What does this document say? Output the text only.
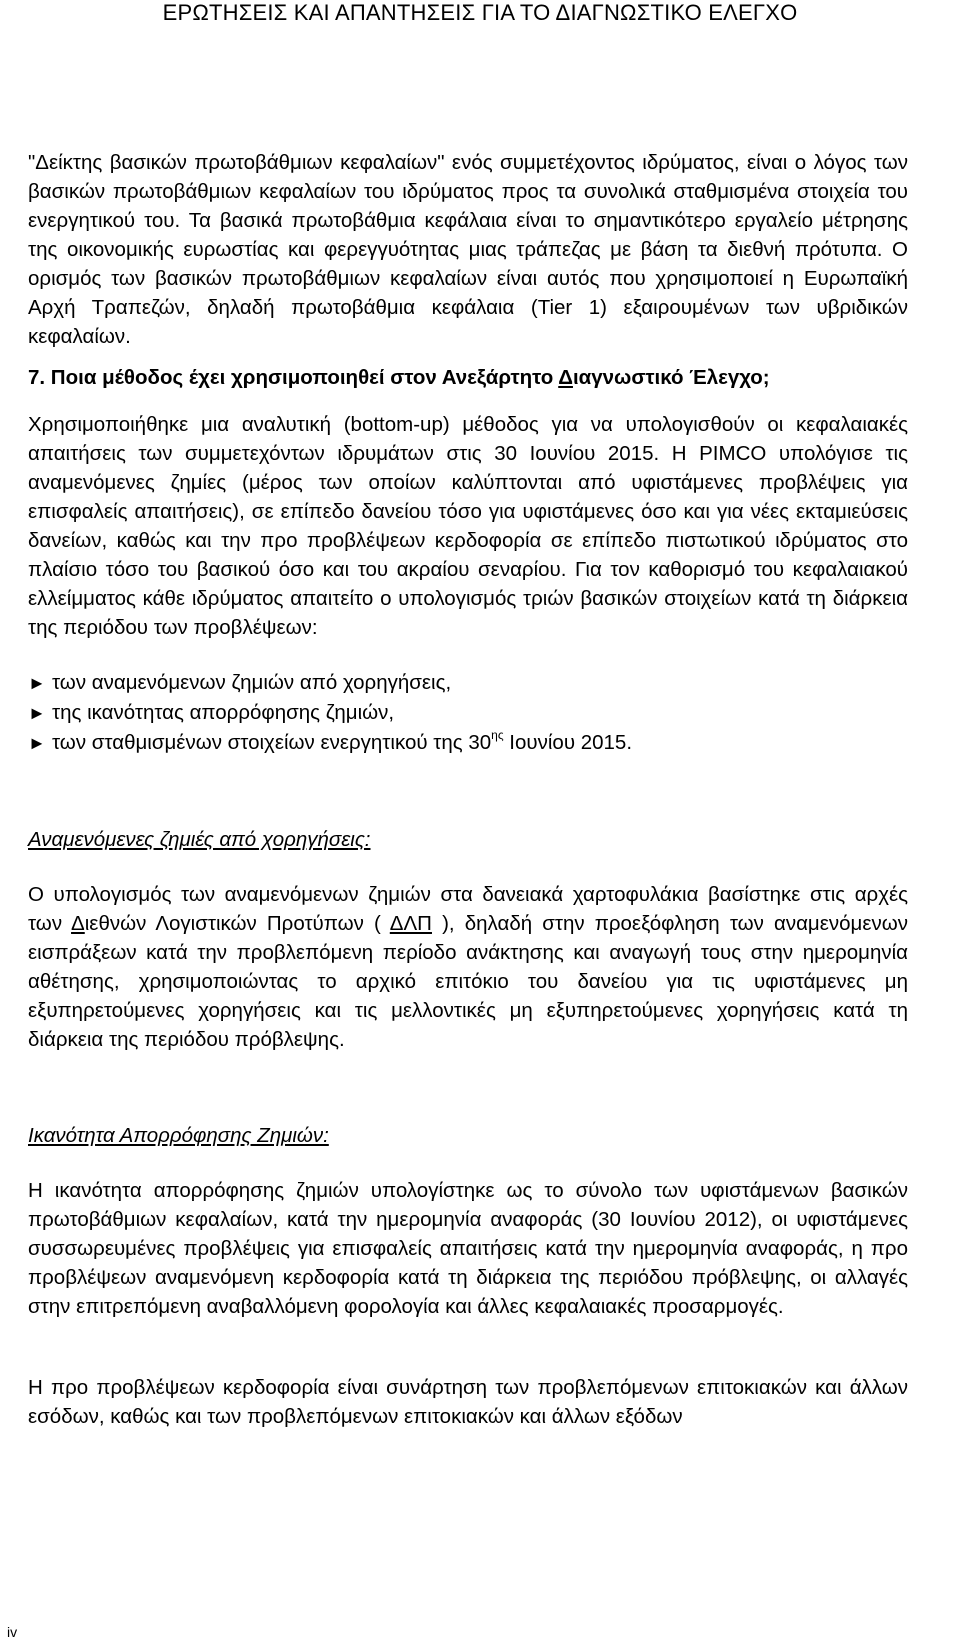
ΕΡΩΤΗΣΕΙΣ ΚΑΙ ΑΠΑΝΤΗΣΕΙΣ ΓΙΑ ΤΟ ΔΙΑΓΝΩΣΤΙΚΟ ΕΛΕΓΧΟ

"Δείκτης βασικών πρωτοβάθμιων κεφαλαίων" ενός συμμετέχοντος ιδρύματος, είναι ο λόγος των βασικών πρωτοβάθμιων κεφαλαίων του ιδρύματος προς τα συνολικά σταθμισμένα στοιχεία του ενεργητικού του. Τα βασικά πρωτοβάθμια κεφάλαια είναι το σημαντικότερο εργαλείο μέτρησης της οικονομικής ευρωστίας και φερεγγυότητας μιας τράπεζας με βάση τα διεθνή πρότυπα. Ο ορισμός των βασικών πρωτοβάθμιων κεφαλαίων είναι αυτός που χρησιμοποιεί η Ευρωπαϊκή Αρχή Τραπεζών, δηλαδή πρωτοβάθμια κεφάλαια (Tier 1) εξαιρουμένων των υβριδικών κεφαλαίων.

7. Ποια μέθοδος έχει χρησιμοποιηθεί στον Ανεξάρτητο Διαγνωστικό Έλεγχο;

Χρησιμοποιήθηκε μια αναλυτική (bottom-up) μέθοδος για να υπολογισθούν οι κεφαλαιακές απαιτήσεις των συμμετεχόντων ιδρυμάτων στις 30 Ιουνίου 2015. Η PIMCO υπολόγισε τις αναμενόμενες ζημίες (μέρος των οποίων καλύπτονται από υφιστάμενες προβλέψεις για επισφαλείς απαιτήσεις), σε επίπεδο δανείου τόσο για υφιστάμενες όσο και για νέες εκταμιεύσεις δανείων, καθώς και την προ προβλέψεων κερδοφορία σε επίπεδο πιστωτικού ιδρύματος στο πλαίσιο τόσο του βασικού όσο και του ακραίου σεναρίου. Για τον καθορισμό του κεφαλαιακού ελλείμματος κάθε ιδρύματος απαιτείτο ο υπολογισμός τριών βασικών στοιχείων κατά τη διάρκεια της περιόδου των προβλέψεων:

► των αναμενόμενων ζημιών από χορηγήσεις,
► της ικανότητας απορρόφησης ζημιών,
► των σταθμισμένων στοιχείων ενεργητικού της $30^{\eta\varsigma}$ Ιουνίου 2015.

Αναμενόμενες ζημιές από χορηγήσεις:

Ο υπολογισμός των αναμενόμενων ζημιών στα δανειακά χαρτοφυλάκια βασίστηκε στις αρχές των Διεθνών Λογιστικών Προτύπων ( ΔΛΠ ), δηλαδή στην προεξόφληση των αναμενόμενων εισπράξεων κατά την προβλεπόμενη περίοδο ανάκτησης και αναγωγή τους στην ημερομηνία αθέτησης, χρησιμοποιώντας το αρχικό επιτόκιο του δανείου για τις υφιστάμενες μη εξυπηρετούμενες χορηγήσεις και τις μελλοντικές μη εξυπηρετούμενες χορηγήσεις κατά τη διάρκεια της περιόδου πρόβλεψης.

Ικανότητα Απορρόφησης Ζημιών:

Η ικανότητα απορρόφησης ζημιών υπολογίστηκε ως το σύνολο των υφιστάμενων βασικών πρωτοβάθμιων κεφαλαίων, κατά την ημερομηνία αναφοράς (30 Ιουνίου 2012), οι υφιστάμενες συσσωρευμένες προβλέψεις για επισφαλείς απαιτήσεις κατά την ημερομηνία αναφοράς, η προ προβλέψεων αναμενόμενη κερδοφορία κατά τη διάρκεια της περιόδου πρόβλεψης, οι αλλαγές στην επιτρεπόμενη αναβαλλόμενη φορολογία και άλλες κεφαλαιακές προσαρμογές.

Η προ προβλέψεων κερδοφορία είναι συνάρτηση των προβλεπόμενων επιτοκιακών και άλλων εσόδων, καθώς και των προβλεπόμενων επιτοκιακών και άλλων εξόδων

iv
